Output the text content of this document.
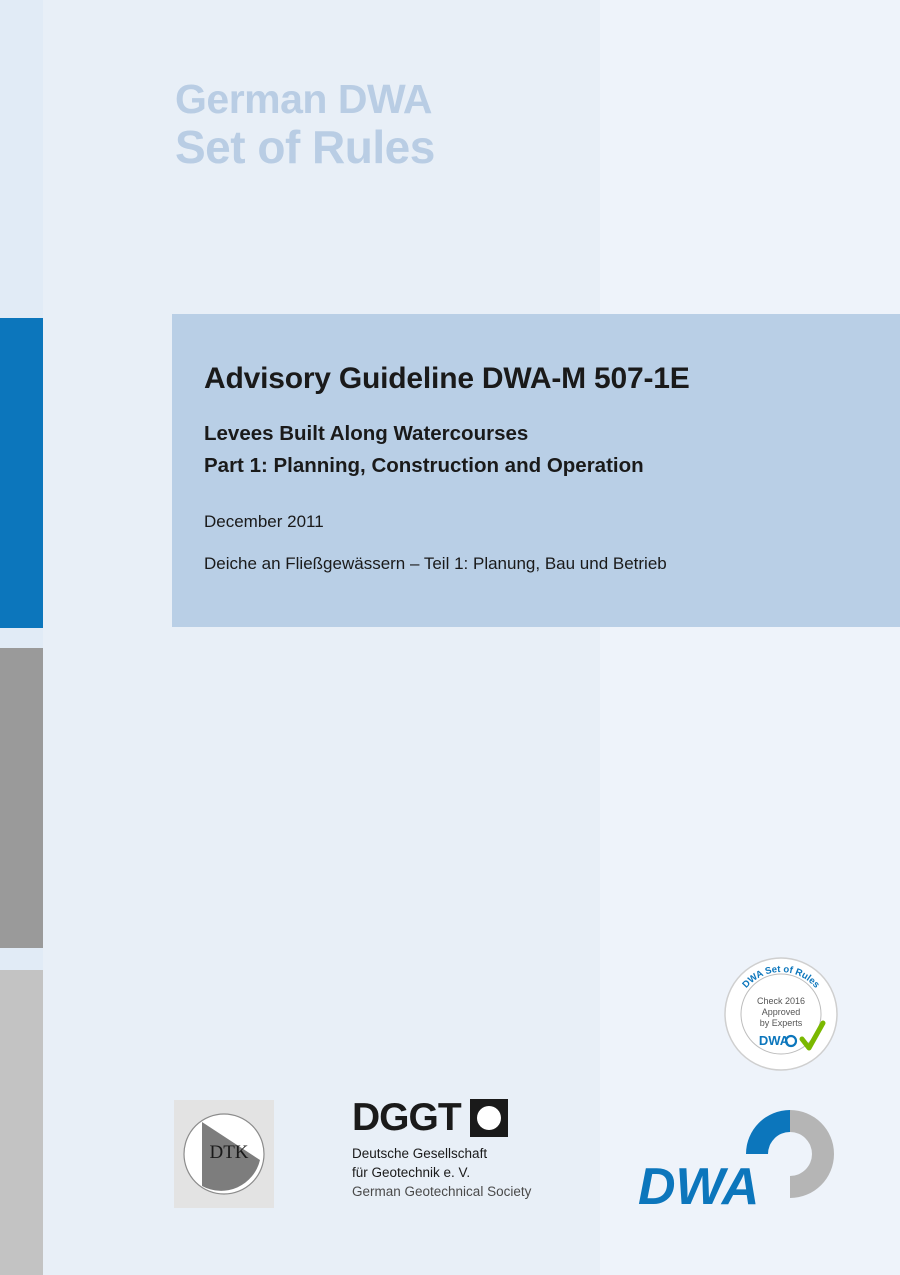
German DWA
Set of Rules
Advisory Guideline DWA-M 507-1E
Levees Built Along Watercourses
Part 1: Planning, Construction and Operation
December 2011
Deiche an Fließgewässern – Teil 1: Planung, Bau und Betrieb
DWA Set of Rules
Check 2016
Approved
by Experts
DWA
DTK
DGGT
Deutsche Gesellschaft
für Geotechnik e. V.
German Geotechnical Society	DWA
